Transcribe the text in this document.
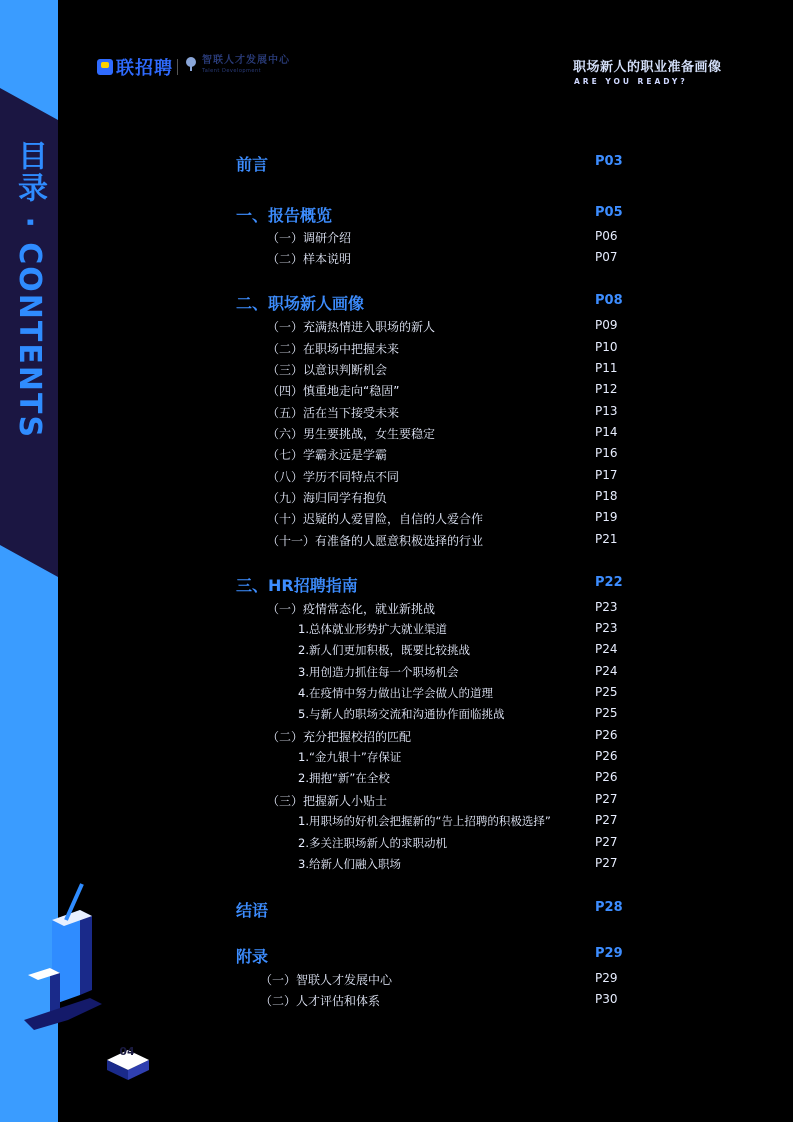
目录 · CONTENTS
联招聘	智联人才发展中心
Talent Development	职场新人的职业准备画像
ARE YOU READY?
前言	P03
一、报告概览	P05
（一）调研介绍	P06
（二）样本说明	P07
二、职场新人画像	P08
（一）充满热情进入职场的新人	P09
（二）在职场中把握未来	P10
（三）以意识判断机会	P11
（四）慎重地走向“稳固”	P12
（五）活在当下接受未来	P13
（六）男生要挑战，女生要稳定	P14
（七）学霸永远是学霸	P16
（八）学历不同特点不同	P17
（九）海归同学有抱负	P18
（十）迟疑的人爱冒险，自信的人爱合作	P19
（十一）有准备的人愿意积极选择的行业	P21
三、HR招聘指南	P22
（一）疫情常态化，就业新挑战	P23
1.总体就业形势扩大就业渠道	P23
2.新人们更加积极，既要比较挑战	P24
3.用创造力抓住每一个职场机会	P24
4.在疫情中努力做出让学会做人的道理	P25
5.与新人的职场交流和沟通协作面临挑战	P25
（二）充分把握校招的匹配	P26
1.“金九银十”存保证	P26
2.拥抱“新”在全校	P26
（三）把握新人小贴士	P27
1.用职场的好机会把握新的“告上招聘的积极选择”	P27
2.多关注职场新人的求职动机	P27
3.给新人们融入职场	P27
结语	P28
附录	P29
（一）智联人才发展中心	P29
（二）人才评估和体系	P30
04
